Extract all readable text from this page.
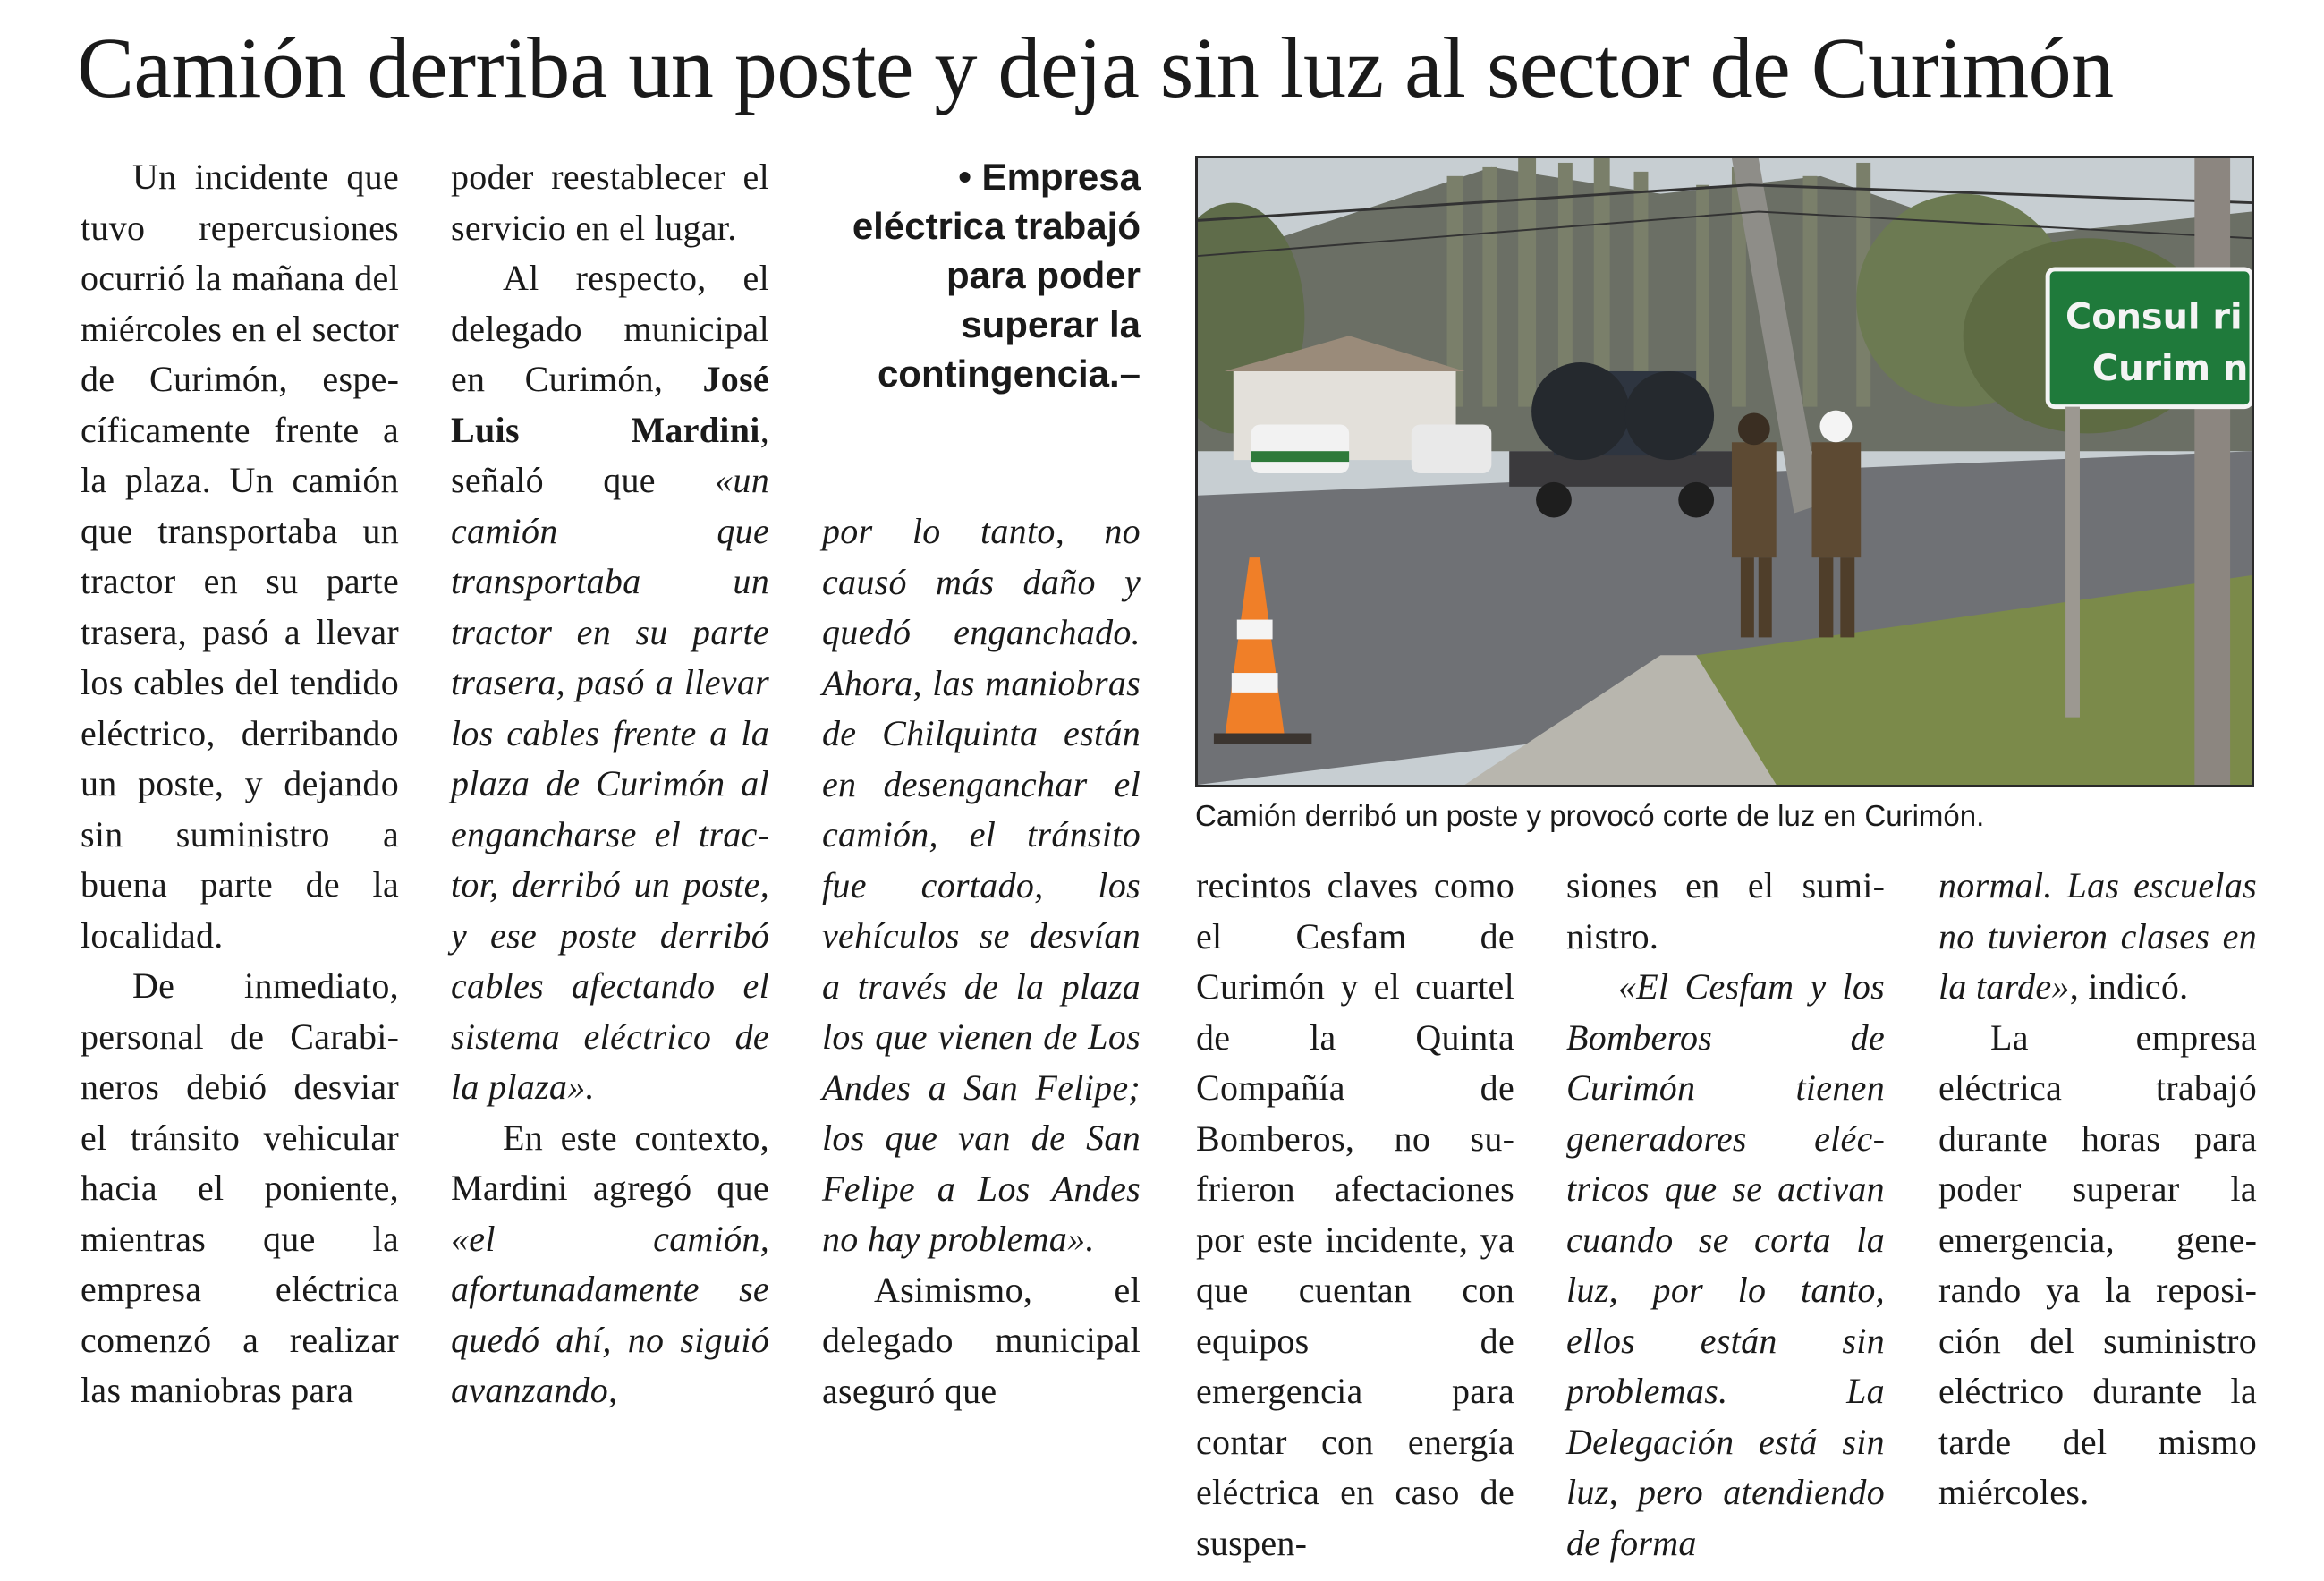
Camión derriba un poste y deja sin luz al sector de Curimón

Un incidente que tuvo repercusiones ocurrió la mañana del miércoles en el sector de Curimón, específicamente frente a la plaza. Un camión que transportaba un tractor en su parte trasera, pasó a llevar los cables del tendido eléctrico, derribando un poste, y dejando sin suministro a buena parte de la localidad.

De inmediato, personal de Carabineros debió desviar el tránsito vehicular hacia el poniente, mientras que la empresa eléctrica comenzó a realizar las maniobras para

poder reestablecer el servicio en el lugar.

Al respecto, el delegado municipal en Curimón, José Luis Mardini, señaló que «un camión que transportaba un tractor en su parte trasera, pasó a llevar los cables frente a la plaza de Curimón al engancharse el tractor, derribó un poste, y ese poste derribó cables afectando el sistema eléctrico de la plaza».

En este contexto, Mardini agregó que «el camión, afortunadamente se quedó ahí, no siguió avanzando,

• Empresa eléctrica trabajó para poder superar la contingencia.–

por lo tanto, no causó más daño y quedó enganchаdo. Ahora, las maniobras de Chilquinta están en desenganchar el camión, el tránsito fue cortado, los vehículos se desvían a través de la plaza los que vienen de Los Andes a San Felipe; los que van de San Felipe a Los Andes no hay problema».

Asimismo, el delegado municipal aseguró que

Consul ri
Curim n

Camión derribó un poste y provocó corte de luz en Curimón.

recintos claves como el Cesfam de Curimón y el cuartel de la Quinta Compañía de Bomberos, no sufrieron afectaciones por este incidente, ya que cuentan con equipos de emergencia para contar con energía eléctrica en caso de suspen-

siones en el suministro.

«El Cesfam y los Bomberos de Curimón tienen generadores eléctricos que se activan cuando se corta la luz, por lo tanto, ellos están sin problemas. La Delegación está sin luz, pero atendiendo de forma

normal. Las escuelas no tuvieron clases en la tarde», indicó.

La empresa eléctrica trabajó durante horas para poder superar la emergencia, generando ya la reposición del suministro eléctrico durante la tarde del mismo miércoles.
